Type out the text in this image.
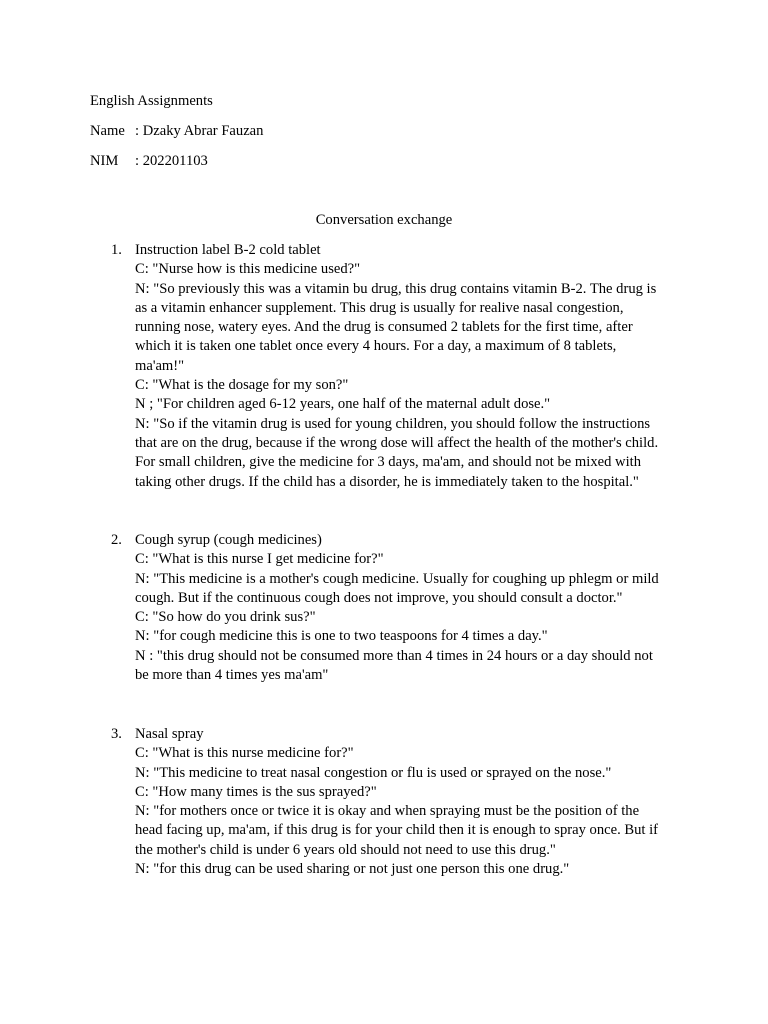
English Assignments
Name : Dzaky Abrar Fauzan
NIM : 202201103
Conversation exchange
1. Instruction label B-2 cold tablet
C: "Nurse how is this medicine used?"
N: "So previously this was a vitamin bu drug, this drug contains vitamin B-2. The drug is
as a vitamin enhancer supplement. This drug is usually for realive nasal congestion,
running nose, watery eyes. And the drug is consumed 2 tablets for the first time, after
which it is taken one tablet once every 4 hours. For a day, a maximum of 8 tablets,
ma'am!"
C: "What is the dosage for my son?"
N ; "For children aged 6-12 years, one half of the maternal adult dose."
N: "So if the vitamin drug is used for young children, you should follow the instructions
that are on the drug, because if the wrong dose will affect the health of the mother's child.
For small children, give the medicine for 3 days, ma'am, and should not be mixed with
taking other drugs. If the child has a disorder, he is immediately taken to the hospital."
2. Cough syrup (cough medicines)
C: "What is this nurse I get medicine for?"
N: "This medicine is a mother's cough medicine. Usually for coughing up phlegm or mild
cough. But if the continuous cough does not improve, you should consult a doctor."
C: "So how do you drink sus?"
N: "for cough medicine this is one to two teaspoons for 4 times a day."
N : "this drug should not be consumed more than 4 times in 24 hours or a day should not
be more than 4 times yes ma'am"
3. Nasal spray
C: "What is this nurse medicine for?"
N: "This medicine to treat nasal congestion or flu is used or sprayed on the nose."
C: "How many times is the sus sprayed?"
N: "for mothers once or twice it is okay and when spraying must be the position of the
head facing up, ma'am, if this drug is for your child then it is enough to spray once. But if
the mother's child is under 6 years old should not need to use this drug."
N: "for this drug can be used sharing or not just one person this one drug."
